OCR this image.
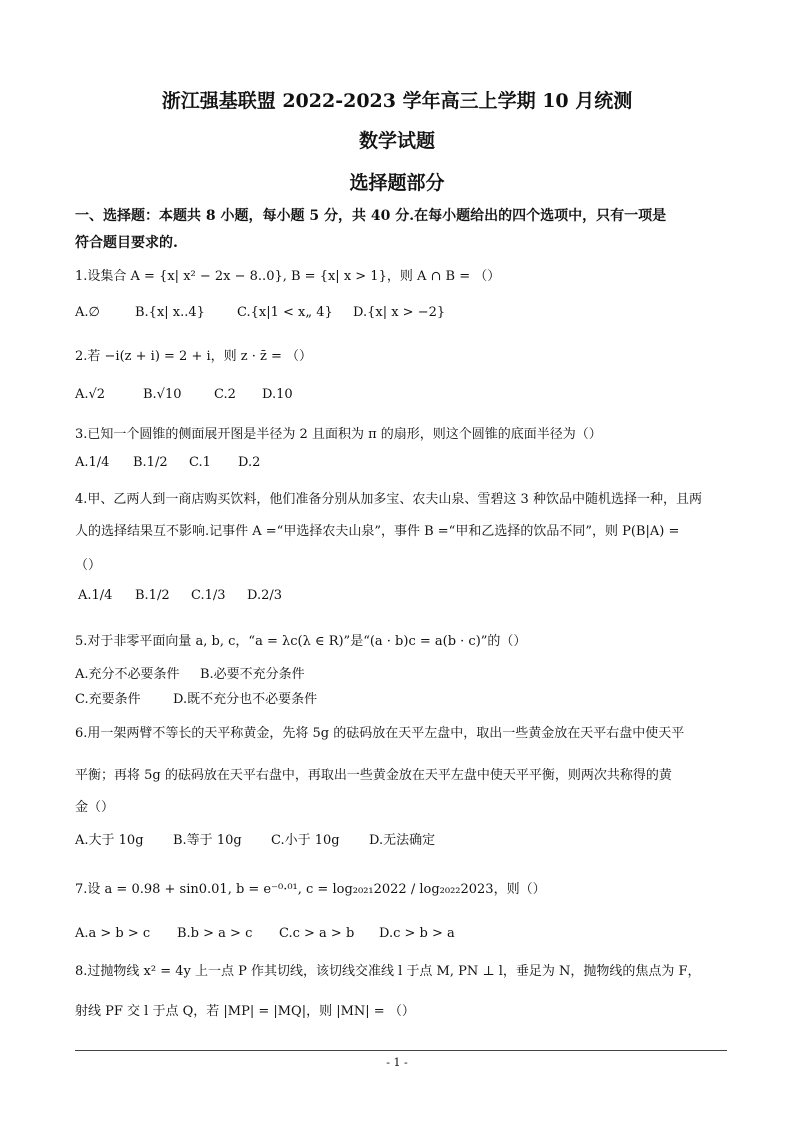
浙江强基联盟 2022-2023 学年高三上学期 10 月统测
数学试题
选择题部分
一、选择题：本题共 8 小题，每小题 5 分，共 40 分.在每小题给出的四个选项中，只有一项是
符合题目要求的.
1.设集合 A = {x| x² − 2x − 8..0}, B = {x| x > 1}，则 A ∩ B = （）
A.∅	B.{x| x..4} C.{x|1 < x„ 4} D.{x| x > −2}
2.若 −i(z + i) = 2 + i，则 z · z̄ = （）
A.√2	B.√10 C.2 D.10
3.已知一个圆锥的侧面展开图是半径为 2 且面积为 π 的扇形，则这个圆锥的底面半径为（）
A.1/4 B.1/2 C.1 D.2
4.甲、乙两人到一商店购买饮料，他们准备分别从加多宝、农夫山泉、雪碧这 3 种饮品中随机选择一种，且两
人的选择结果互不影响.记事件 A =“甲选择农夫山泉”，事件 B =“甲和乙选择的饮品不同”，则 P(B|A) =
（）
A.1/4 B.1/2 C.1/3 D.2/3
5.对于非零平面向量 a, b, c，“a = λc(λ ∈ R)”是“(a · b)c = a(b · c)”的（）
A.充分不必要条件 B.必要不充分条件
C.充要条件 D.既不充分也不必要条件
6.用一架两臂不等长的天平称黄金，先将 5g 的砝码放在天平左盘中，取出一些黄金放在天平右盘中使天平
平衡；再将 5g 的砝码放在天平右盘中，再取出一些黄金放在天平左盘中使天平平衡，则两次共称得的黄
金（）
A.大于 10g B.等于 10g C.小于 10g D.无法确定
7.设 a = 0.98 + sin0.01, b = e⁻⁰·⁰¹, c = log₂₀₂₁2022 / log₂₀₂₂2023，则（）
A.a > b > c B.b > a > c C.c > a > b D.c > b > a
8.过抛物线 x² = 4y 上一点 P 作其切线，该切线交准线 l 于点 M, PN ⊥ l，垂足为 N，抛物线的焦点为 F，
射线 PF 交 l 于点 Q，若 |MP| = |MQ|，则 |MN| = （）
- 1 -
